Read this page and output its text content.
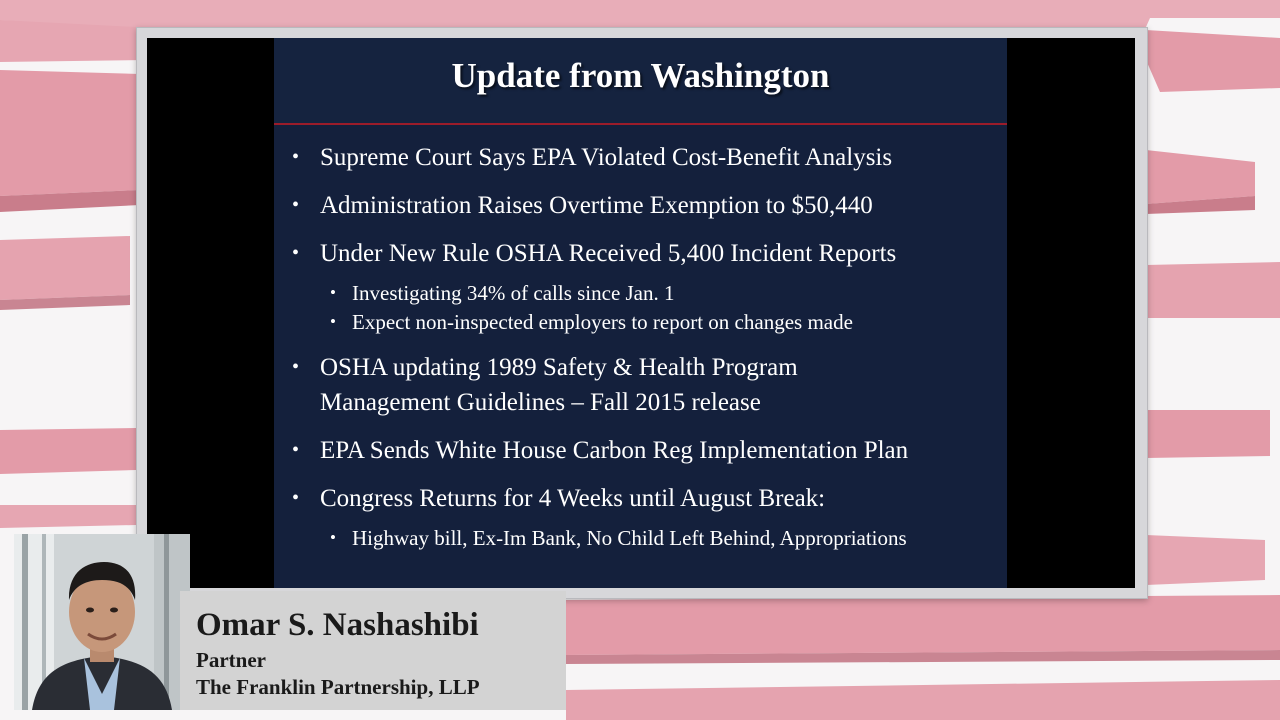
Update from Washington
• Supreme Court Says EPA Violated Cost-Benefit Analysis
• Administration Raises Overtime Exemption to $50,440
• Under New Rule OSHA Received 5,400 Incident Reports
• Investigating 34% of calls since Jan. 1
• Expect non-inspected employers to report on changes made
• OSHA updating 1989 Safety & Health Program
Management Guidelines – Fall 2015 release
• EPA Sends White House Carbon Reg Implementation Plan
• Congress Returns for 4 Weeks until August Break:
• Highway bill, Ex-Im Bank, No Child Left Behind, Appropriations
Omar S. Nashashibi
Partner
The Franklin Partnership, LLP
